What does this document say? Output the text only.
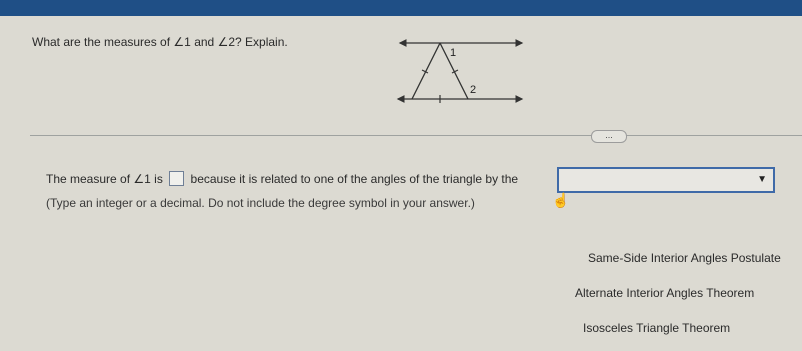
What are the measures of ∠1 and ∠2? Explain.
1
2
...
The measure of ∠1 is because it is related to one of the angles of the triangle by the
(Type an integer or a decimal. Do not include the degree symbol in your answer.)
▼
☝
Same-Side Interior Angles Postulate
Alternate Interior Angles Theorem
Isosceles Triangle Theorem
